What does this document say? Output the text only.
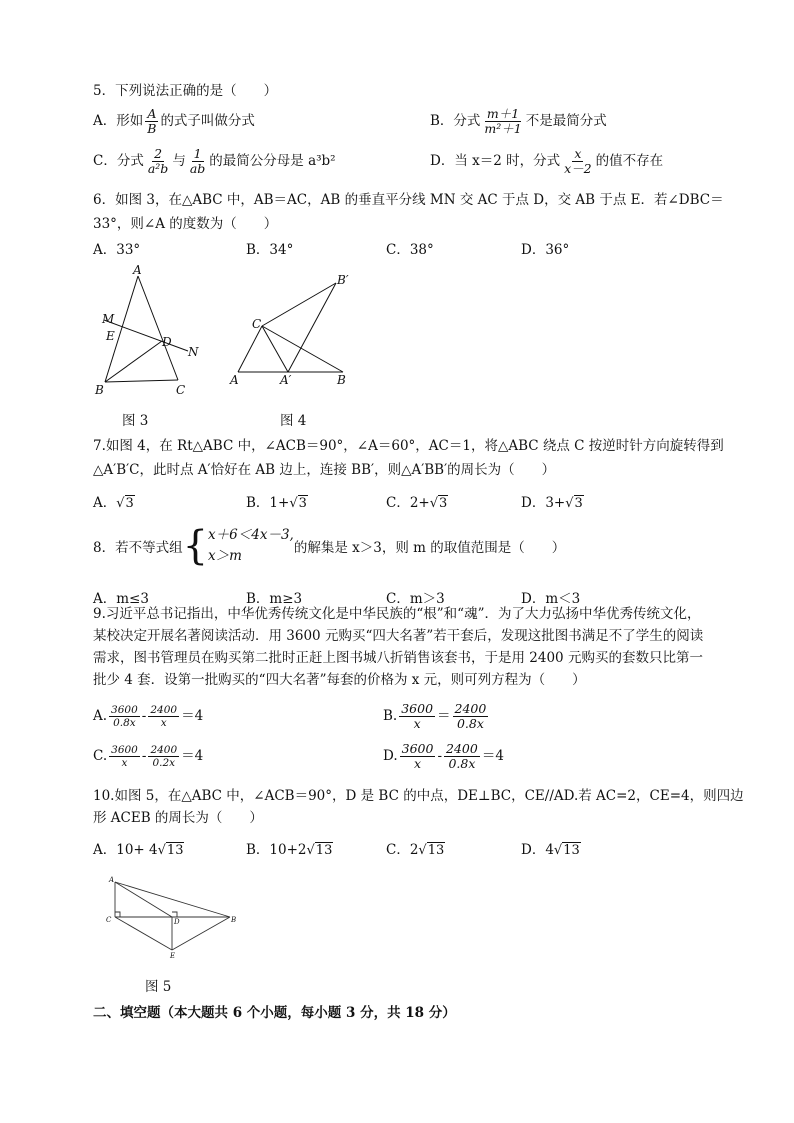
5．下列说法正确的是（　　）
A．形如 $\frac{A}{B}$ 的式子叫做分式	B．分式 $\frac{m+1}{\text{m²＋1}}$ 不是最简分式
C．分式 $\frac{2}{\text{a²b}}$ 与 $\frac{1}{ab}$ 的最简公分母是 a³b²	D．当 x＝2 时，分式 $\frac{x}{x-2}$ 的值不存在
6．如图 3，在△ABC 中，AB＝AC，AB 的垂直平分线 MN 交 AC 于点 D，交 AB 于点 E．若∠DBC＝
33°，则∠A 的度数为（　　）
A．33°	B．34°	C．38°	D．36°
A
M
E	D
N
B	C
图 3
B′
C
A	A′	B
图 4
7.如图 4，在 Rt△ABC 中，∠ACB＝90°，∠A＝60°，AC＝1，将△ABC 绕点 C 按逆时针方向旋转得到
△A′B′C，此时点 A′恰好在 AB 边上，连接 BB′，则△A′BB′的周长为（　　）
A．√3	B．1+√3	C．2+√3	D．3+√3
8．若不等式组{ x＋6＜4x－3,
x＞m	的解集是 x＞3，则 m 的取值范围是（　　）
A．m≤3	B．m≥3	C．m＞3	D．m＜3
9.习近平总书记指出，中华优秀传统文化是中华民族的“根”和“魂”．为了大力弘扬中华优秀传统文化，某校决定开展名著阅读活动．用 3600 元购买“四大名著”若干套后，发现这批图书满足不了学生的阅读需求，图书管理员在购买第二批时正赶上图书城八折销售该套书，于是用 2400 元购买的套数只比第一批少 4 套．设第一批购买的“四大名著”每套的价格为 x 元，则可列方程为（　　）
A. $\frac{3600}{0.8x} - \frac{2400}{x} =4$	B. $\frac{3600}{x} = \frac{2400}{0.8x}$
C. $\frac{3600}{x} - \frac{2400}{0.2x} =4$	D. $\frac{3600}{x} - \frac{2400}{0.8x} =4$
10.如图 5，在△ABC 中，∠ACB＝90°，D 是 BC 的中点，DE⊥BC，CE//AD.若 AC=2，CE=4，则四边
形 ACEB 的周长为（　　）
A．10+ 4√13	B．10+2√13	C．2√13	D．4√13
A
C	D	B
E
图 5
二、填空题（本大题共 6 个小题，每小题 3 分，共 18 分）
